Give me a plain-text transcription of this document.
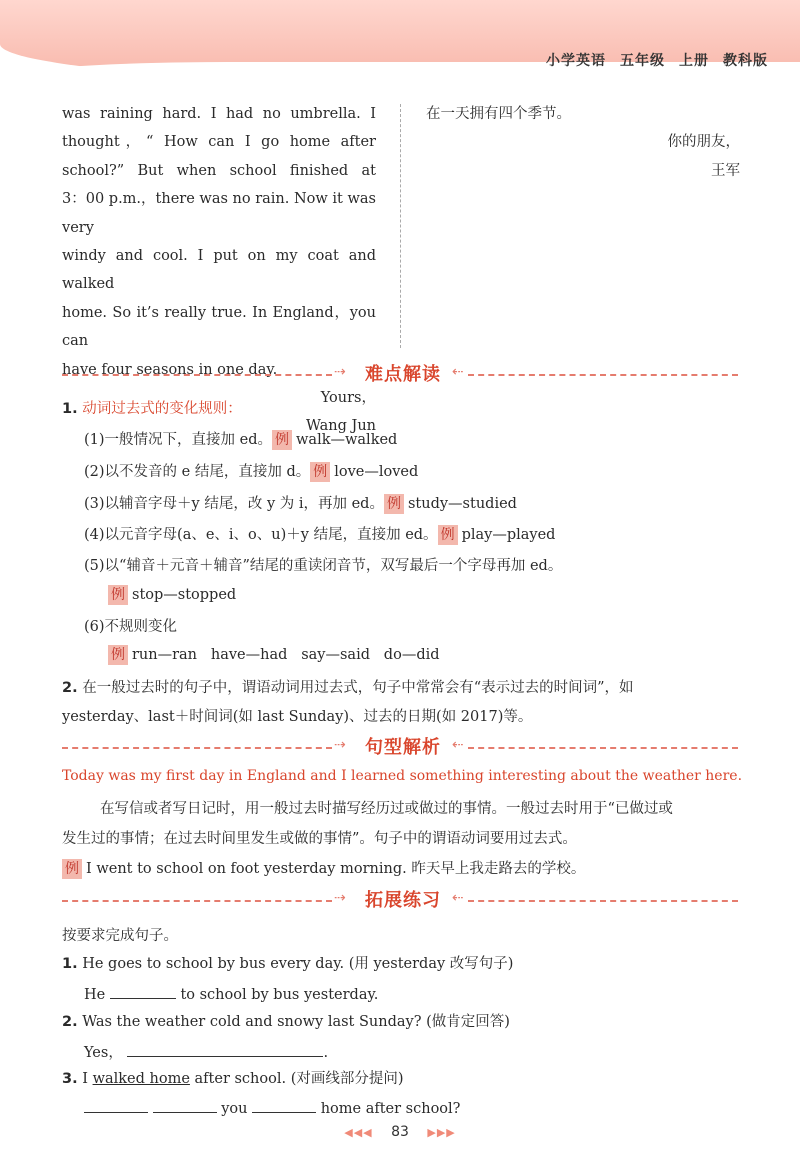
小学英语 五年级 上册 教科版

was raining hard. I had no umbrella. I

thought，“ How can I go home after

school?” But when school finished at

3：00 p.m.，there was no rain. Now it was very

windy and cool. I put on my coat and walked

home. So it’s really true. In England，you can

have four seasons in one day.

Yours，

Wang Jun

在一天拥有四个季节。

你的朋友，

王军

⇢	难点解读 ⇠
1. 动词过去式的变化规则：
(1)一般情况下，直接加 ed。 例 walk—walked
(2)以不发音的 e 结尾，直接加 d。 例 love—loved
(3)以辅音字母＋y 结尾，改 y 为 i，再加 ed。 例 study—studied
(4)以元音字母(a、e、i、o、u)＋y 结尾，直接加 ed。 例 play—played
(5)以“辅音＋元音＋辅音”结尾的重读闭音节，双写最后一个字母再加 ed。
例 stop—stopped
(6)不规则变化
例 run—ran   have—had   say—said   do—did
2. 在一般过去时的句子中，谓语动词用过去式，句子中常常会有“表示过去的时间词”，如
yesterday、last＋时间词(如 last Sunday)、过去的日期(如 2017)等。
⇢	句型解析 ⇠
Today was my first day in England and I learned something interesting about the weather here.
在写信或者写日记时，用一般过去时描写经历过或做过的事情。一般过去时用于“已做过或
发生过的事情；在过去时间里发生或做的事情”。句子中的谓语动词要用过去式。
例 I went to school on foot yesterday morning. 昨天早上我走路去的学校。
⇢	拓展练习 ⇠
按要求完成句子。
1. He goes to school by bus every day. (用 yesterday 改写句子)
He	to school by bus yesterday.
2. Was the weather cold and snowy last Sunday? (做肯定回答)
Yes，	.
3. I walked home after school. (对画线部分提问)
you	home after school?
◀◀◀ 83 ▶▶▶
